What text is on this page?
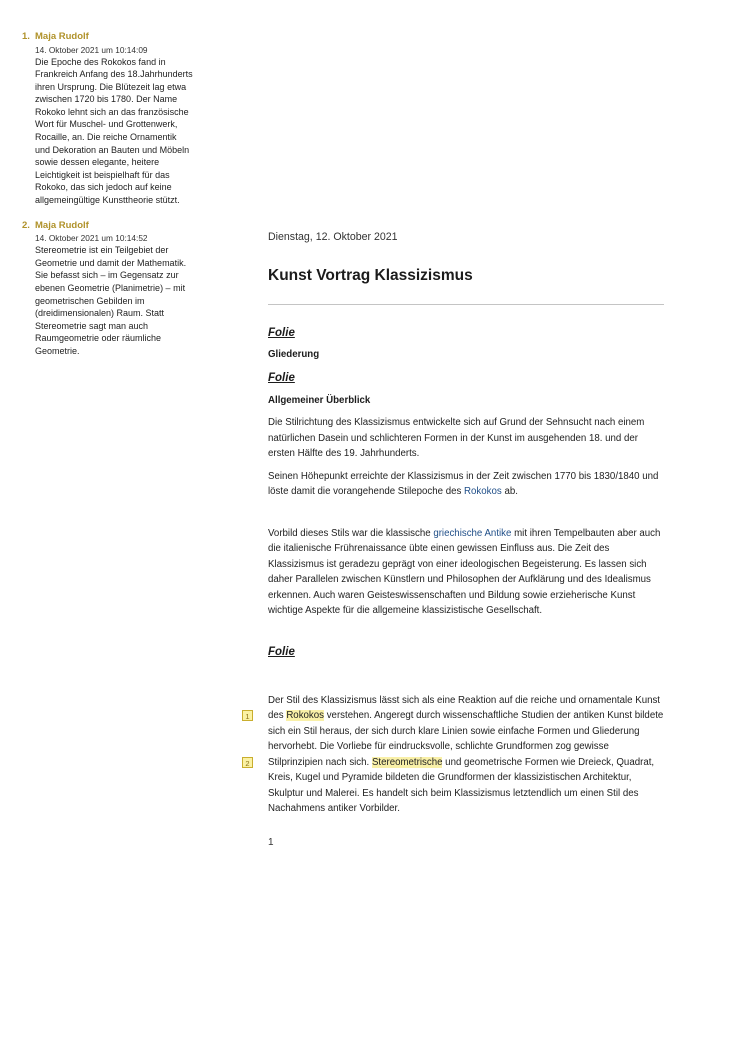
1. Maja Rudolf
14. Oktober 2021 um 10:14:09
Die Epoche des Rokokos fand in Frankreich Anfang des 18.Jahrhunderts ihren Ursprung. Die Blütezeit lag etwa zwischen 1720 bis 1780. Der Name Rokoko lehnt sich an das französische Wort für Muschel- und Grottenwerk, Rocaille, an. Die reiche Ornamentik und Dekoration an Bauten und Möbeln sowie dessen elegante, heitere Leichtigkeit ist beispielhaft für das Rokoko, das sich jedoch auf keine allgemeingültige Kunsttheorie stützt.
2. Maja Rudolf
14. Oktober 2021 um 10:14:52
Stereometrie ist ein Teilgebiet der Geometrie und damit der Mathematik. Sie befasst sich – im Gegensatz zur ebenen Geometrie (Planimetrie) – mit geometrischen Gebilden im (dreidimensionalen) Raum. Statt Stereometrie sagt man auch Raumgeometrie oder räumliche Geometrie.
Dienstag, 12. Oktober 2021
Kunst Vortrag Klassizismus
Folie
Gliederung
Folie
Allgemeiner Überblick

Die Stilrichtung des Klassizismus entwickelte sich auf Grund der Sehnsucht nach einem natürlichen Dasein und schlichteren Formen in der Kunst im ausgehenden 18. und der ersten Hälfte des 19. Jahrhunderts.

Seinen Höhepunkt erreichte der Klassizismus in der Zeit zwischen 1770 bis 1830/1840 und löste damit die vorangehende Stilepoche des Rokokos ab.

Vorbild dieses Stils war die klassische griechische Antike mit ihren Tempelbauten aber auch die italienische Frührenaissance übte einen gewissen Einfluss aus. Die Zeit des Klassizismus ist geradezu geprägt von einer ideologischen Begeisterung. Es lassen sich daher Parallelen zwischen Künstlern und Philosophen der Aufklärung und des Idealismus erkennen. Auch waren Geisteswissenschaften und Bildung sowie erzieherische Kunst wichtige Aspekte für die allgemeine klassizistische Gesellschaft.

Folie

1
2
Der Stil des Klassizismus lässt sich als eine Reaktion auf die reiche und ornamentale Kunst des Rokokos verstehen. Angeregt durch wissenschaftliche Studien der antiken Kunst bildete sich ein Stil heraus, der sich durch klare Linien sowie einfache Formen und Gliederung hervorhebt. Die Vorliebe für eindrucksvolle, schlichte Grundformen zog gewisse Stilprinzipien nach sich. Stereometrische und geometrische Formen wie Dreieck, Quadrat, Kreis, Kugel und Pyramide bildeten die Grundformen der klassizistischen Architektur, Skulptur und Malerei. Es handelt sich beim Klassizismus letztendlich um einen Stil des Nachahmens antiker Vorbilder.

1
